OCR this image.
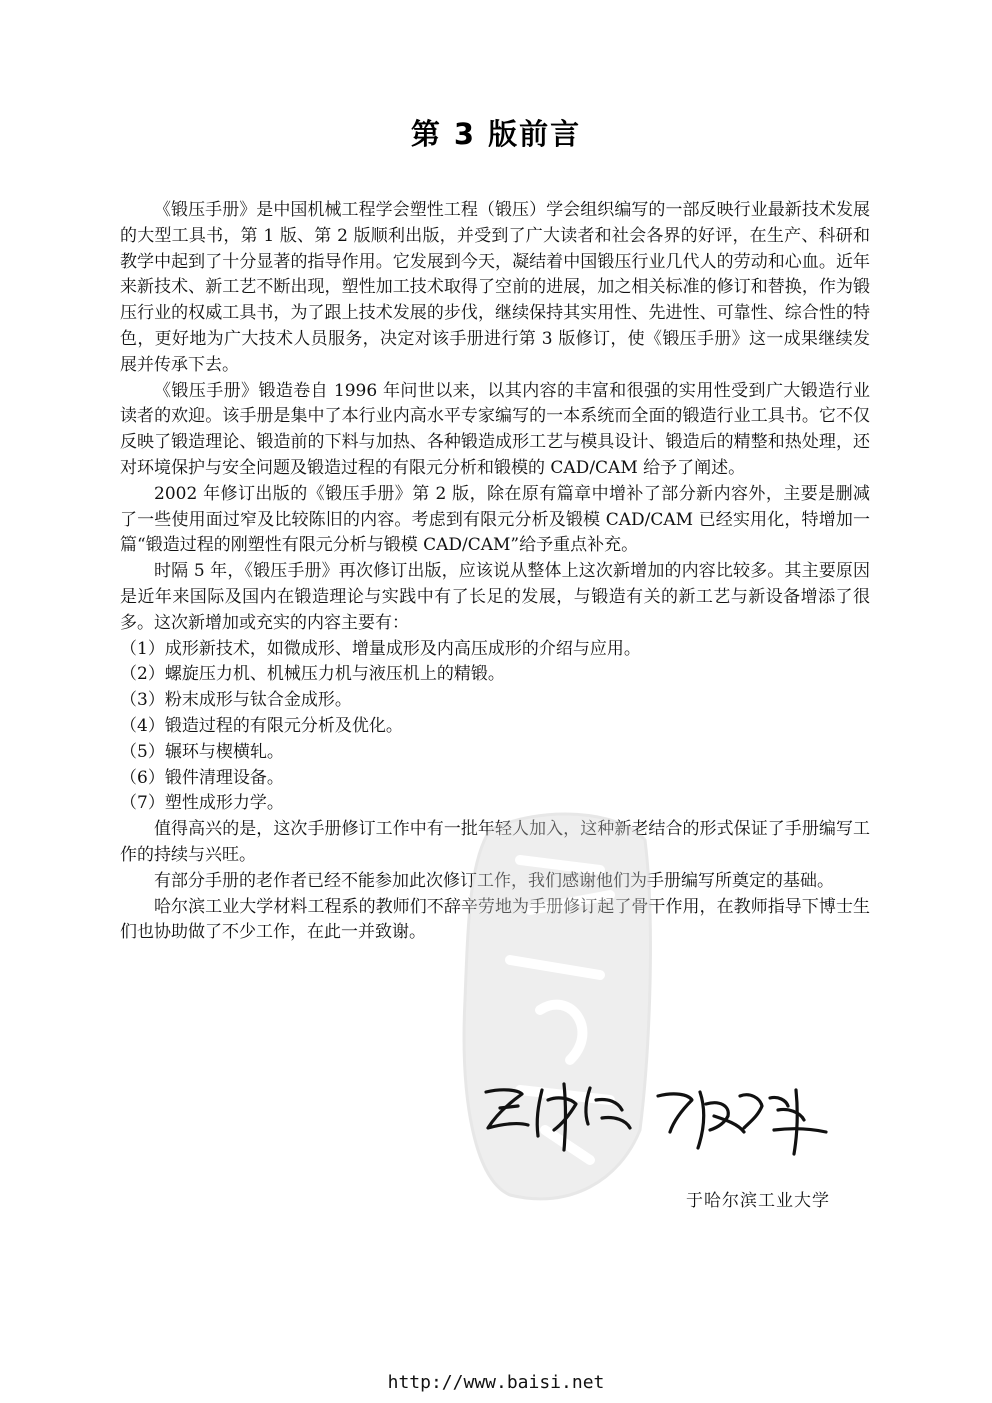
第 3 版前言

《锻压手册》是中国机械工程学会塑性工程（锻压）学会组织编写的一部反映行业最新技术发展的大型工具书，第 1 版、第 2 版顺利出版，并受到了广大读者和社会各界的好评，在生产、科研和教学中起到了十分显著的指导作用。它发展到今天，凝结着中国锻压行业几代人的劳动和心血。近年来新技术、新工艺不断出现，塑性加工技术取得了空前的进展，加之相关标准的修订和替换，作为锻压行业的权威工具书，为了跟上技术发展的步伐，继续保持其实用性、先进性、可靠性、综合性的特色，更好地为广大技术人员服务，决定对该手册进行第 3 版修订，使《锻压手册》这一成果继续发展并传承下去。

《锻压手册》锻造卷自 1996 年问世以来，以其内容的丰富和很强的实用性受到广大锻造行业读者的欢迎。该手册是集中了本行业内高水平专家编写的一本系统而全面的锻造行业工具书。它不仅反映了锻造理论、锻造前的下料与加热、各种锻造成形工艺与模具设计、锻造后的精整和热处理，还对环境保护与安全问题及锻造过程的有限元分析和锻模的 CAD/CAM 给予了阐述。

2002 年修订出版的《锻压手册》第 2 版，除在原有篇章中增补了部分新内容外，主要是删减了一些使用面过窄及比较陈旧的内容。考虑到有限元分析及锻模 CAD/CAM 已经实用化，特增加一篇“锻造过程的刚塑性有限元分析与锻模 CAD/CAM”给予重点补充。

时隔 5 年，《锻压手册》再次修订出版，应该说从整体上这次新增加的内容比较多。其主要原因是近年来国际及国内在锻造理论与实践中有了长足的发展，与锻造有关的新工艺与新设备增添了很多。这次新增加或充实的内容主要有：

（1）成形新技术，如微成形、增量成形及内高压成形的介绍与应用。

（2）螺旋压力机、机械压力机与液压机上的精锻。

（3）粉末成形与钛合金成形。

（4）锻造过程的有限元分析及优化。

（5）辗环与楔横轧。

（6）锻件清理设备。

（7）塑性成形力学。

值得高兴的是，这次手册修订工作中有一批年轻人加入，这种新老结合的形式保证了手册编写工作的持续与兴旺。

有部分手册的老作者已经不能参加此次修订工作，我们感谢他们为手册编写所奠定的基础。

哈尔滨工业大学材料工程系的教师们不辞辛劳地为手册修订起了骨干作用，在教师指导下博士生们也协助做了不少工作，在此一并致谢。

于哈尔滨工业大学
http://www.baisi.net
